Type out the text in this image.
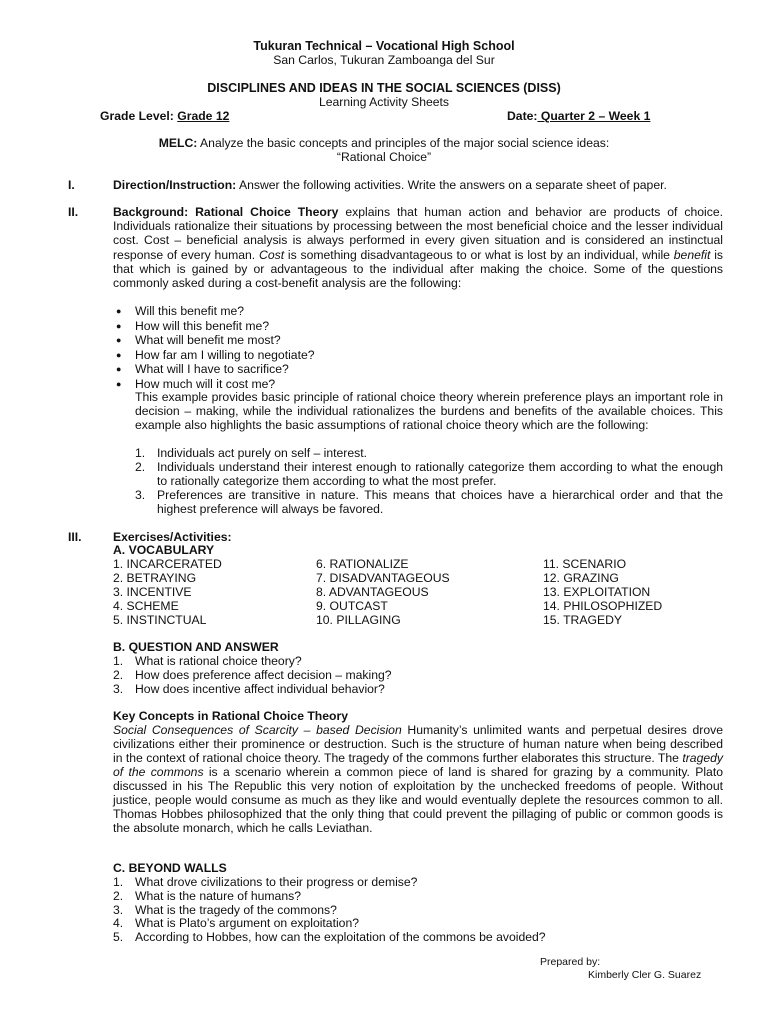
Tukuran Technical – Vocational High School
San Carlos, Tukuran Zamboanga del Sur
DISCIPLINES AND IDEAS IN THE SOCIAL SCIENCES (DISS)
Learning Activity Sheets
Grade Level: Grade 12	Date: Quarter 2 – Week 1
MELC: Analyze the basic concepts and principles of the major social science ideas:
“Rational Choice”
I.	Direction/Instruction: Answer the following activities. Write the answers on a separate sheet of paper.
II.	Background: Rational Choice Theory explains that human action and behavior are products of choice. Individuals rationalize their situations by processing between the most beneficial choice and the lesser individual cost. Cost – beneficial analysis is always performed in every given situation and is considered an instinctual response of every human. Cost is something disadvantageous to or what is lost by an individual, while benefit is that which is gained by or advantageous to the individual after making the choice. Some of the questions commonly asked during a cost-benefit analysis are the following:
● Will this benefit me?
● How will this benefit me?
● What will benefit me most?
● How far am I willing to negotiate?
● What will I have to sacrifice?
● How much will it cost me?
This example provides basic principle of rational choice theory wherein preference plays an important role in decision – making, while the individual rationalizes the burdens and benefits of the available choices. This example also highlights the basic assumptions of rational choice theory which are the following:
1. Individuals act purely on self – interest.
2. Individuals understand their interest enough to rationally categorize them according to what the enough to rationally categorize them according to what the most prefer.
3. Preferences are transitive in nature. This means that choices have a hierarchical order and that the highest preference will always be favored.
III.	Exercises/Activities:
A. VOCABULARY
1. INCARCERATED	6. RATIONALIZE	11. SCENARIO
2. BETRAYING	7. DISADVANTAGEOUS	12. GRAZING
3. INCENTIVE	8. ADVANTAGEOUS	13. EXPLOITATION
4. SCHEME	9. OUTCAST	14. PHILOSOPHIZED
5. INSTINCTUAL	10. PILLAGING	15. TRAGEDY
B. QUESTION AND ANSWER
1. What is rational choice theory?
2. How does preference affect decision – making?
3. How does incentive affect individual behavior?
Key Concepts in Rational Choice Theory
Social Consequences of Scarcity – based Decision Humanity’s unlimited wants and perpetual desires drove civilizations either their prominence or destruction. Such is the structure of human nature when being described in the context of rational choice theory. The tragedy of the commons further elaborates this structure. The tragedy of the commons is a scenario wherein a common piece of land is shared for grazing by a community. Plato discussed in his The Republic this very notion of exploitation by the unchecked freedoms of people. Without justice, people would consume as much as they like and would eventually deplete the resources common to all. Thomas Hobbes philosophized that the only thing that could prevent the pillaging of public or common goods is the absolute monarch, which he calls Leviathan.
C. BEYOND WALLS
1. What drove civilizations to their progress or demise?
2. What is the nature of humans?
3. What is the tragedy of the commons?
4. What is Plato’s argument on exploitation?
5. According to Hobbes, how can the exploitation of the commons be avoided?
Prepared by:
Kimberly Cler G. Suarez
